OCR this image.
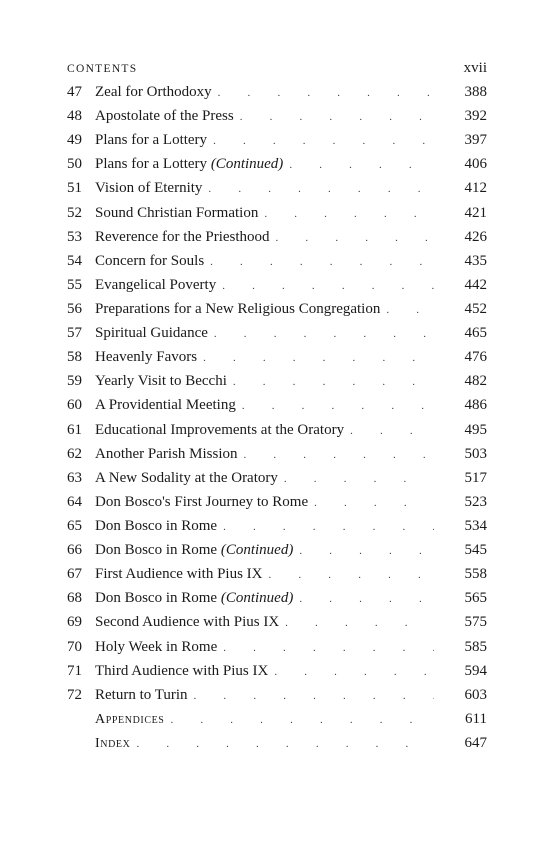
CONTENTS	xvii
47 Zeal for Orthodoxy . . .	388
48 Apostolate of the Press . . .	392
49 Plans for a Lottery . . .	397
50 Plans for a Lottery (Continued) . . .	406
51 Vision of Eternity . . .	412
52 Sound Christian Formation . . .	421
53 Reverence for the Priesthood . . .	426
54 Concern for Souls . . .	435
55 Evangelical Poverty . . .	442
56 Preparations for a New Religious Congregation . . .	452
57 Spiritual Guidance . . .	465
58 Heavenly Favors . . .	476
59 Yearly Visit to Becchi . . .	482
60 A Providential Meeting . . .	486
61 Educational Improvements at the Oratory . . .	495
62 Another Parish Mission . . .	503
63 A New Sodality at the Oratory . . .	517
64 Don Bosco's First Journey to Rome . . .	523
65 Don Bosco in Rome . . .	534
66 Don Bosco in Rome (Continued) . . .	545
67 First Audience with Pius IX . . .	558
68 Don Bosco in Rome (Continued) . . .	565
69 Second Audience with Pius IX . . .	575
70 Holy Week in Rome . . .	585
71 Third Audience with Pius IX . . .	594
72 Return to Turin . . .	603
Appendices . . .	611
Index . . .	647
